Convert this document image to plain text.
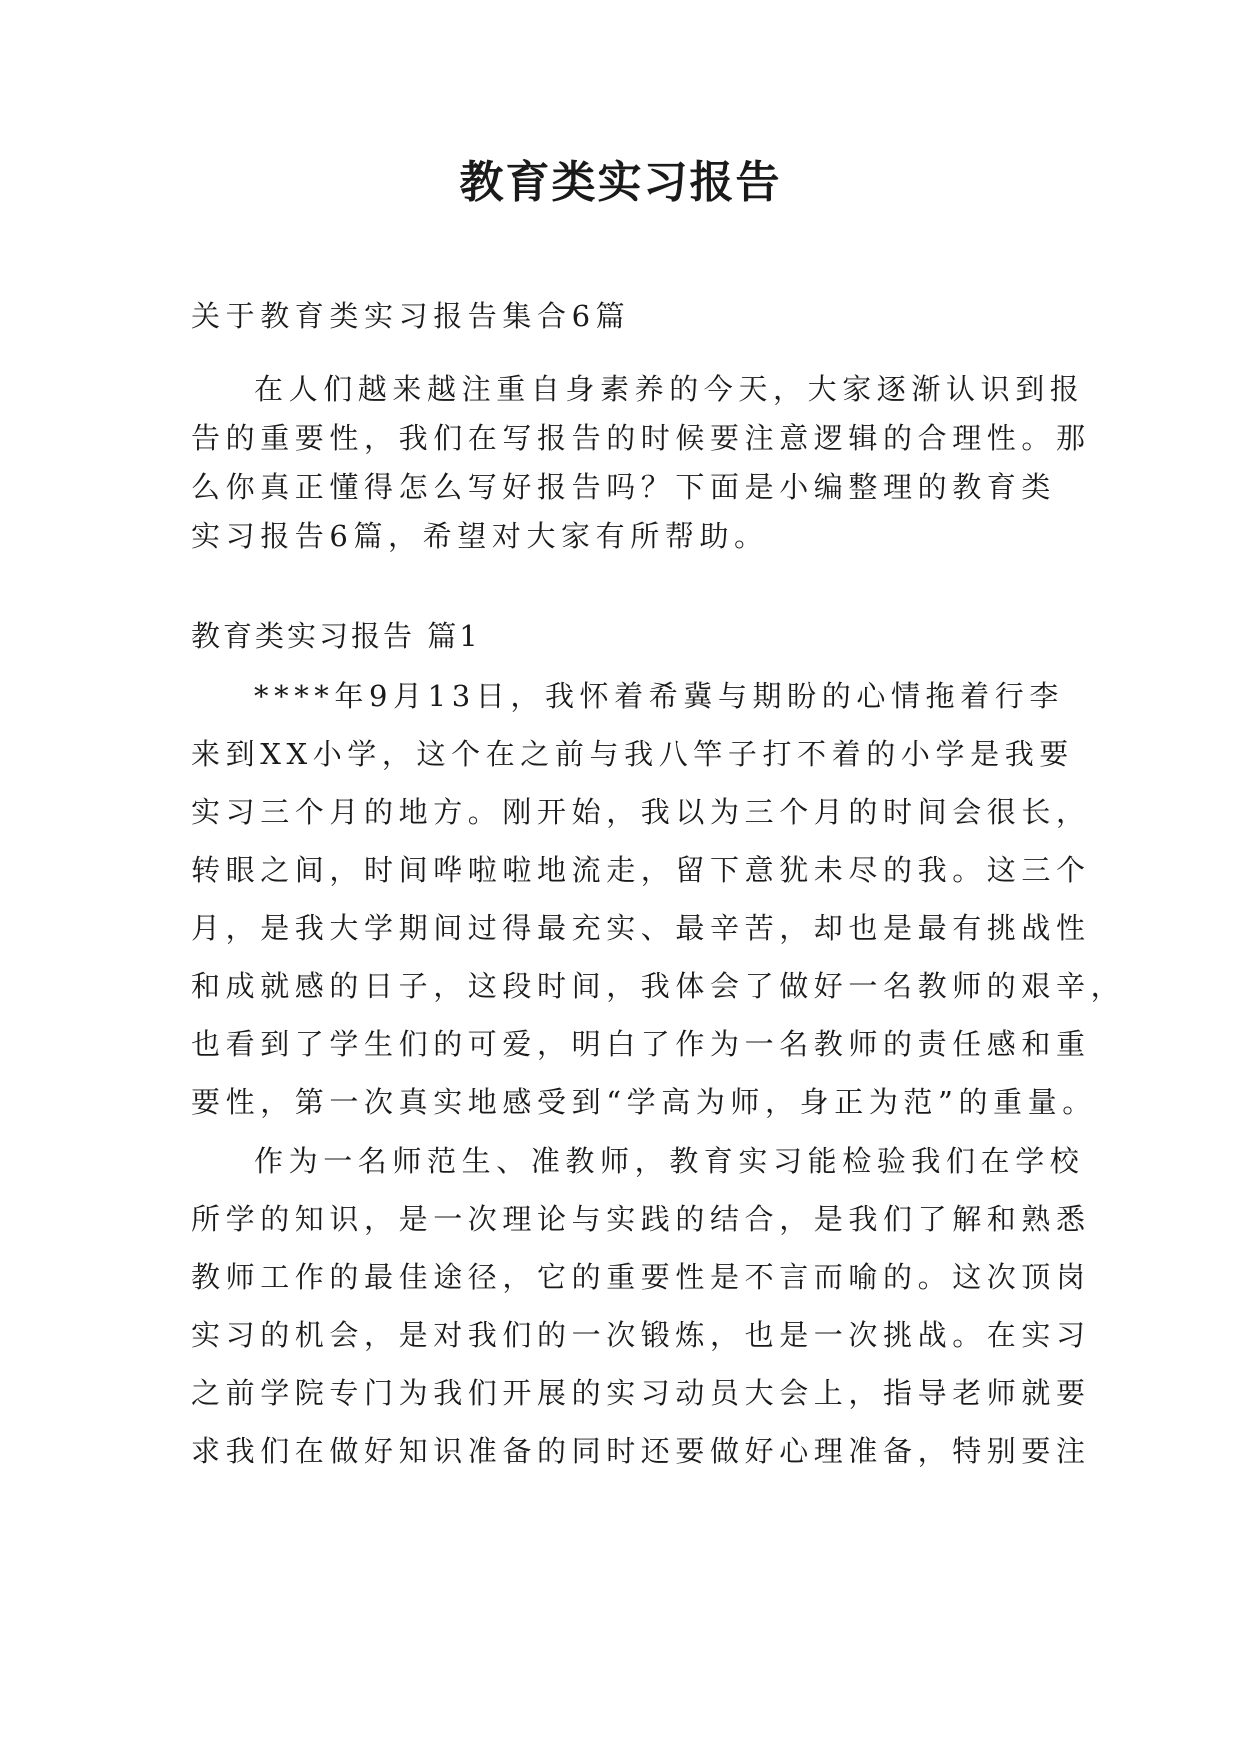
教育类实习报告

关于教育类实习报告集合6篇

在人们越来越注重自身素养的今天，大家逐渐认识到报

告的重要性，我们在写报告的时候要注意逻辑的合理性。那

么你真正懂得怎么写好报告吗？下面是小编整理的教育类

实习报告6篇，希望对大家有所帮助。

教育类实习报告 篇1

****年9月13日，我怀着希冀与期盼的心情拖着行李

来到XX小学，这个在之前与我八竿子打不着的小学是我要

实习三个月的地方。刚开始，我以为三个月的时间会很长，

转眼之间，时间哗啦啦地流走，留下意犹未尽的我。这三个

月，是我大学期间过得最充实、最辛苦，却也是最有挑战性

和成就感的日子，这段时间，我体会了做好一名教师的艰辛，

也看到了学生们的可爱，明白了作为一名教师的责任感和重

要性，第一次真实地感受到“学高为师，身正为范”的重量。

作为一名师范生、准教师，教育实习能检验我们在学校

所学的知识，是一次理论与实践的结合，是我们了解和熟悉

教师工作的最佳途径，它的重要性是不言而喻的。这次顶岗

实习的机会，是对我们的一次锻炼，也是一次挑战。在实习

之前学院专门为我们开展的实习动员大会上，指导老师就要

求我们在做好知识准备的同时还要做好心理准备，特别要注
